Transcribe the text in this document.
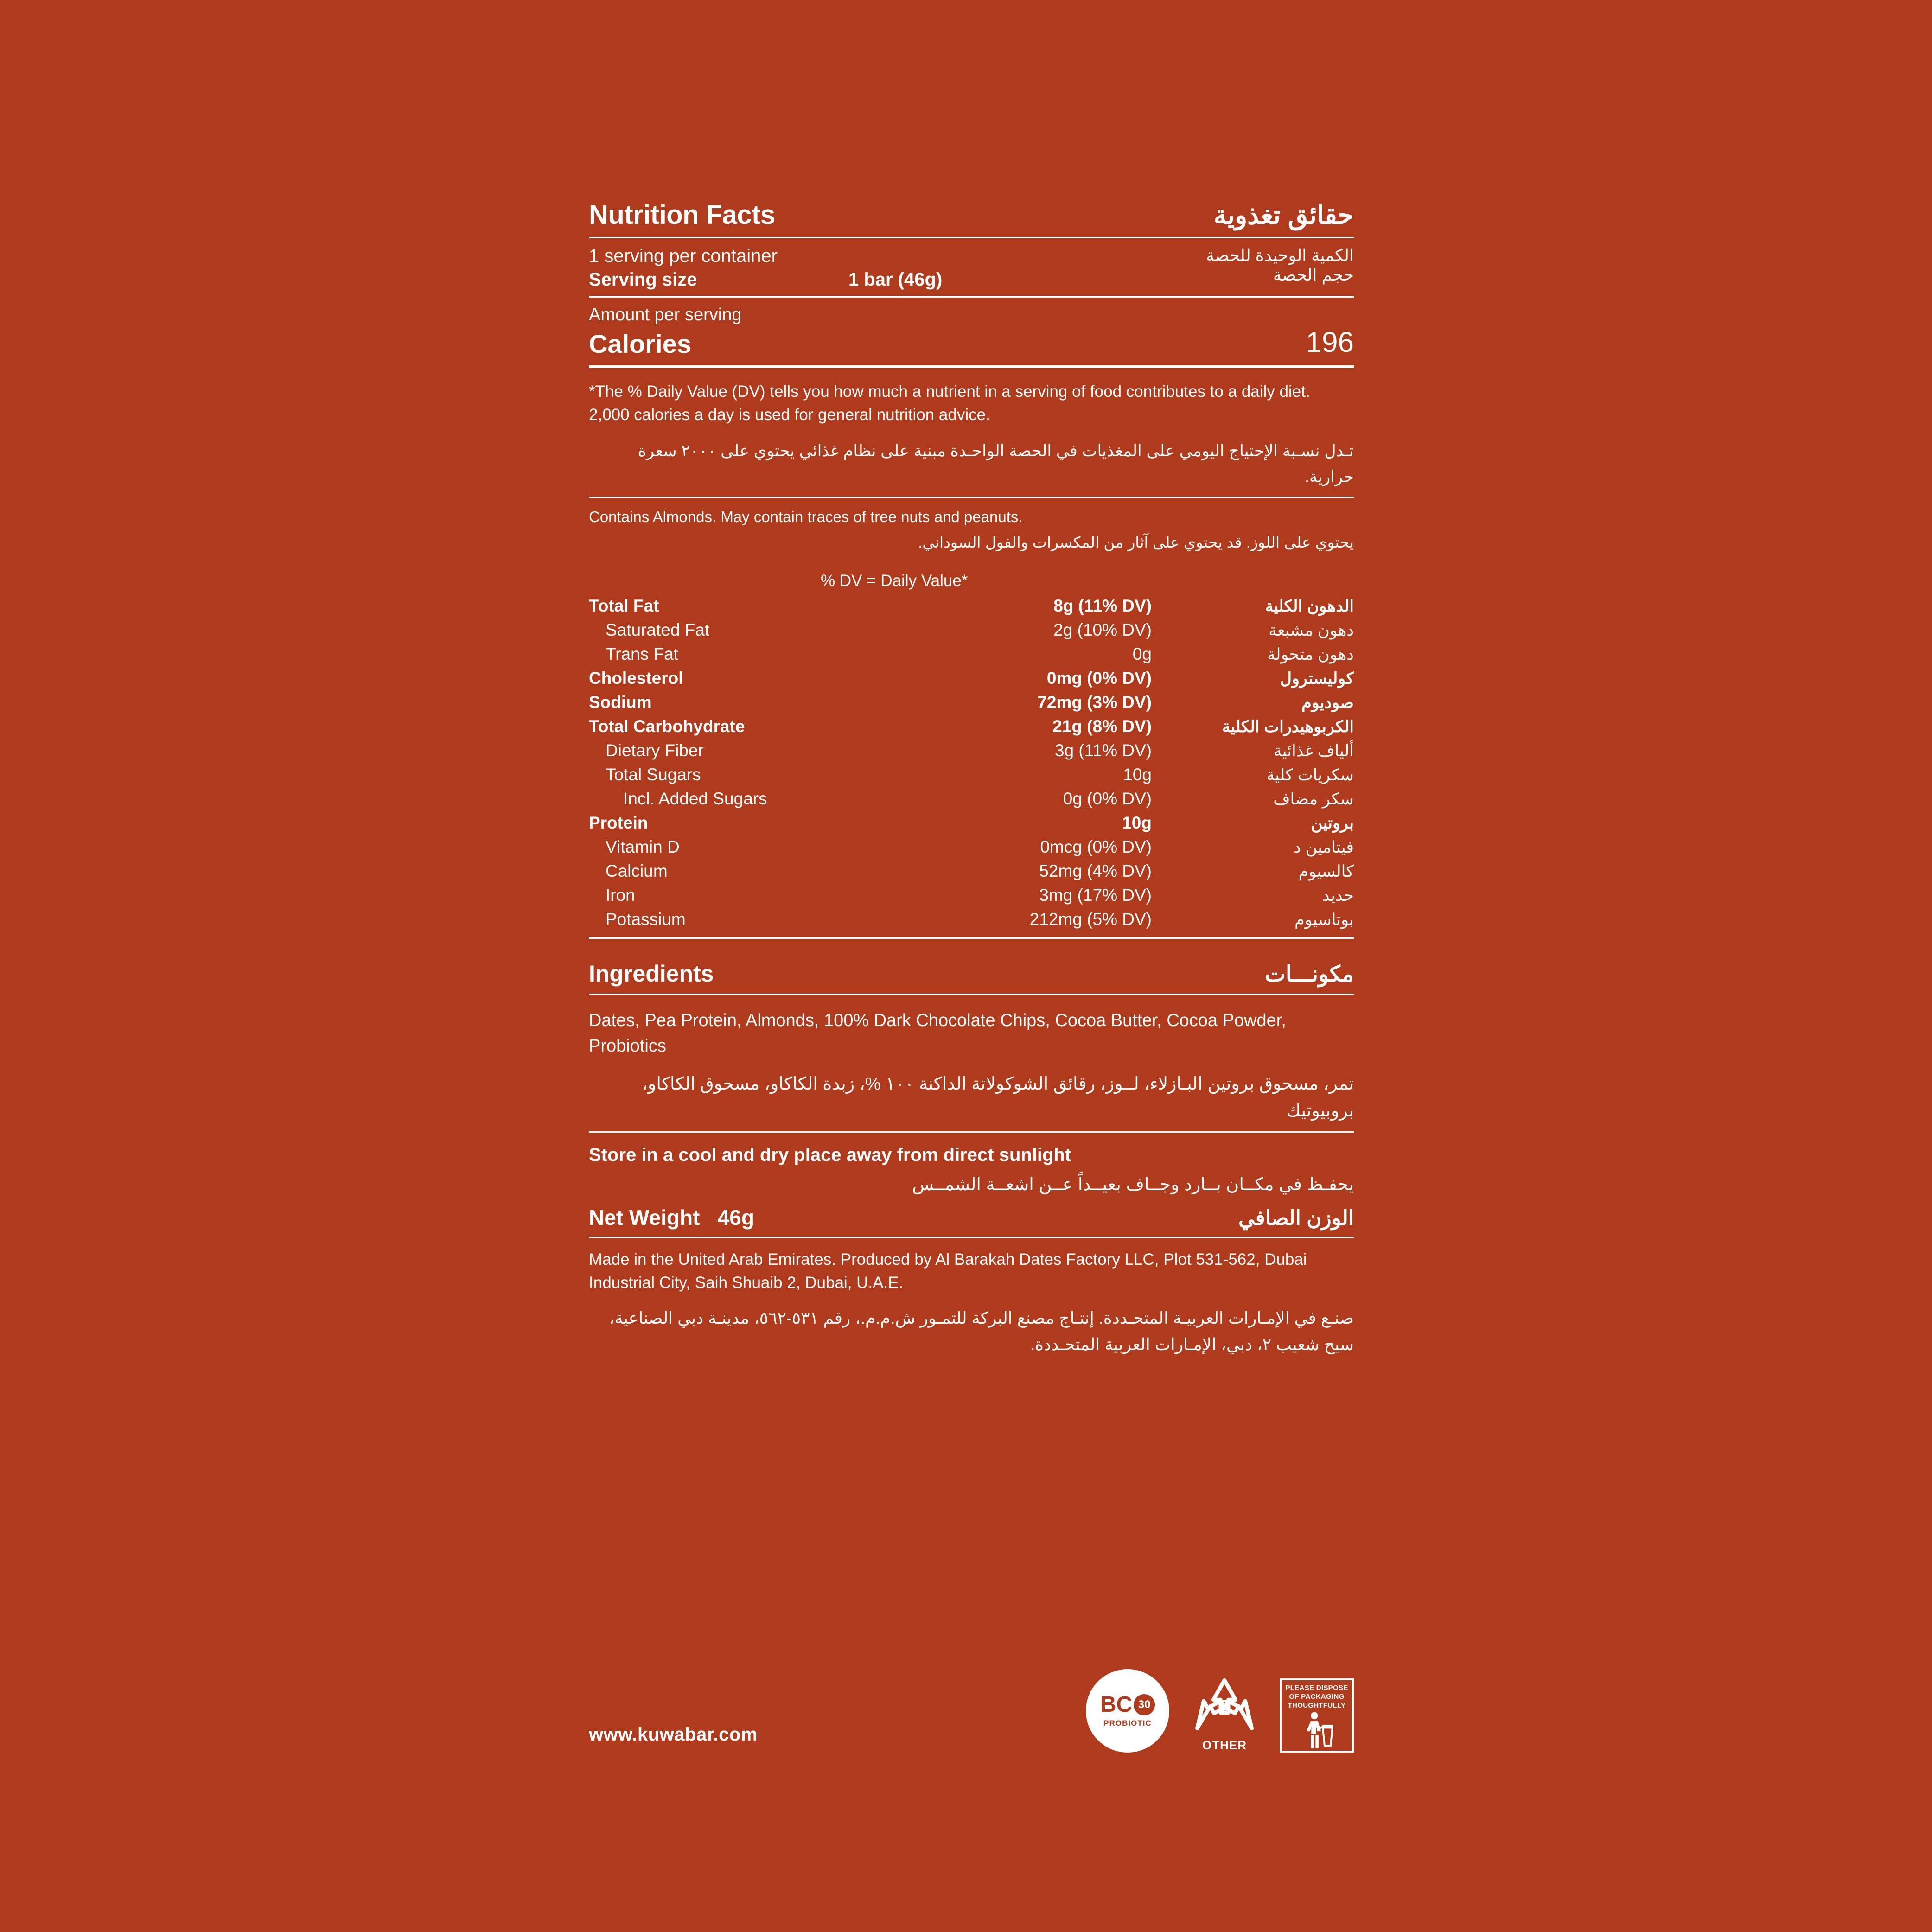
Nutrition Facts	حقائق تغذوية
1 serving per container
Serving size	1 bar (46g)
الكمية الوحيدة للحصة
حجم الحصة
Amount per serving
Calories	196
*The % Daily Value (DV) tells you how much a nutrient in a serving of food contributes to a daily diet. 2,000 calories a day is used for general nutrition advice.
تـدل نسـبة الإحتياج اليومي على المغذيات في الحصة الواحـدة مبنية على نظام غذائي يحتوي على ٢٠٠٠ سعرة حرارية.
Contains Almonds. May contain traces of tree nuts and peanuts.
يحتوي على اللوز. قد يحتوي على آثار من المكسرات والفول السوداني.
% DV = Daily Value*
Total Fat	8g (11% DV)	الدهون الكلية
Saturated Fat	2g (10% DV)	دهون مشبعة
Trans Fat	0g	دهون متحولة
Cholesterol	0mg (0% DV)	كوليسترول
Sodium	72mg (3% DV)	صوديوم
Total Carbohydrate	21g (8% DV)	الكربوهيدرات الكلية
Dietary Fiber	3g (11% DV)	ألياف غذائية
Total Sugars	10g	سكريات كلية
Incl. Added Sugars	0g (0% DV)	سكر مضاف
Protein	10g	بروتين
Vitamin D	0mcg (0% DV)	فيتامين د
Calcium	52mg (4% DV)	كالسيوم
Iron	3mg (17% DV)	حديد
Potassium	212mg (5% DV)	بوتاسيوم
Ingredients	مكونـــات
Dates, Pea Protein, Almonds, 100% Dark Chocolate Chips, Cocoa Butter, Cocoa Powder, Probiotics
تمر، مسحوق بروتين البـازلاء، لــوز، رقائق الشوكولاتة الداكنة ١٠٠ %، زبدة الكاكاو، مسحوق الكاكاو، بروبيوتيك
Store in a cool and dry place away from direct sunlight
يحفـظ في مكــان بــارد وجــاف بعيــداً عــن اشعــة الشمــس
Net Weight 46g	الوزن الصافي
Made in the United Arab Emirates. Produced by Al Barakah Dates Factory LLC, Plot 531-562, Dubai Industrial City, Saih Shuaib 2, Dubai, U.A.E.
صنـع في الإمـارات العربيـة المتحـددة. إنتـاج مصنع البركة للتمـور ش.م.م.، رقم ٥٣١-٥٦٢، مدينـة دبي الصناعية، سيح شعيب ٢، دبي، الإمـارات العربية المتحـددة.
www.kuwabar.com
BC 30
PROBIOTIC
7
OTHER
PLEASE DISPOSE
OF PACKAGING
THOUGHTFULLY
